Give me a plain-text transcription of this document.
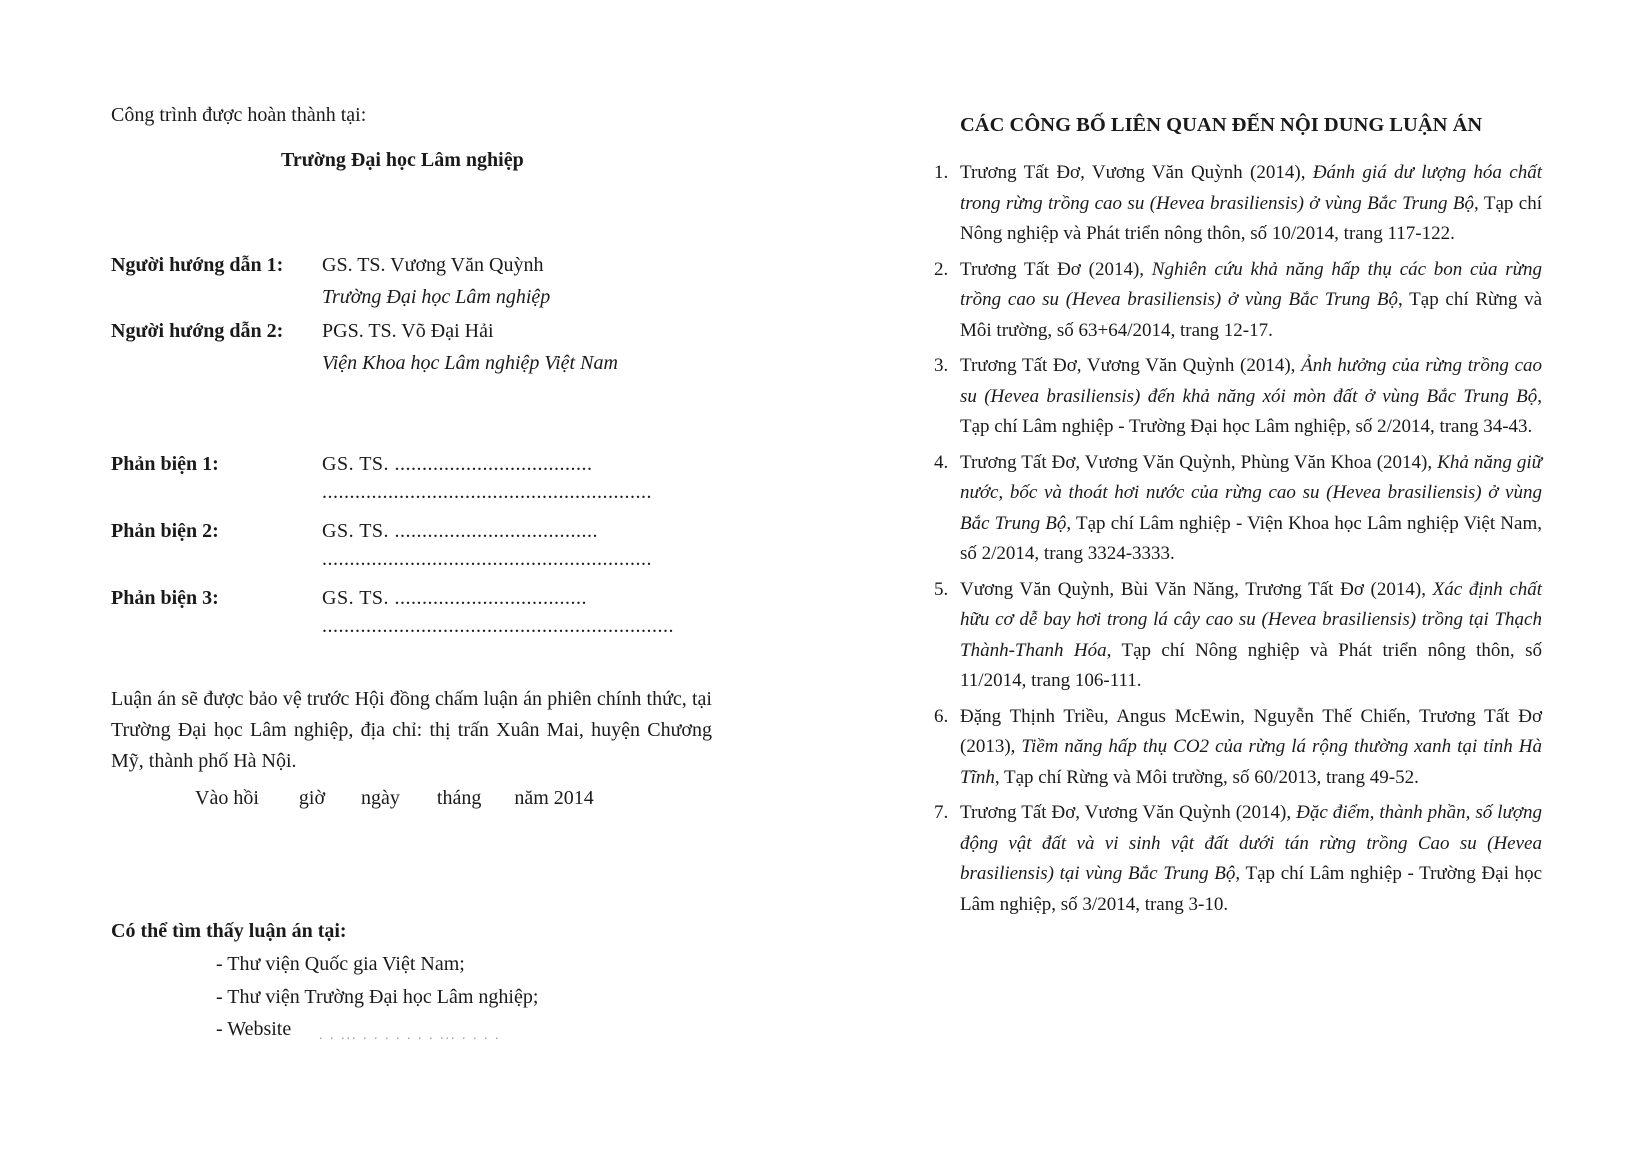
Công trình được hoàn thành tại:
Trường Đại học Lâm nghiệp
Người hướng dẫn 1: GS. TS. Vương Văn Quỳnh
Trường Đại học Lâm nghiệp
Người hướng dẫn 2: PGS. TS. Võ Đại Hải
Viện Khoa học Lâm nghiệp Việt Nam
Phản biện 1:	GS. TS. ....................................
............................................................
Phản biện 2:	GS. TS. .....................................
............................................................
Phản biện 3:	GS. TS. ...................................
................................................................
Luận án sẽ được bảo vệ trước Hội đồng chấm luận án phiên chính thức, tại Trường Đại học Lâm nghiệp, địa chỉ: thị trấn Xuân Mai, huyện Chương Mỹ, thành phố Hà Nội.
Vào hồi giờ ngày tháng năm 2014
Có thể tìm thấy luận án tại:
- Thư viện Quốc gia Việt Nam;
- Thư viện Trường Đại học Lâm nghiệp;
- Website . . ... . . . . . . . ... . . . .
CÁC CÔNG BỐ LIÊN QUAN ĐẾN NỘI DUNG LUẬN ÁN
1. Trương Tất Đơ, Vương Văn Quỳnh (2014), Đánh giá dư lượng hóa chất trong rừng trồng cao su (Hevea brasiliensis) ở vùng Bắc Trung Bộ, Tạp chí Nông nghiệp và Phát triển nông thôn, số 10/2014, trang 117-122.
2. Trương Tất Đơ (2014), Nghiên cứu khả năng hấp thụ các bon của rừng trồng cao su (Hevea brasiliensis) ở vùng Bắc Trung Bộ, Tạp chí Rừng và Môi trường, số 63+64/2014, trang 12-17.
3. Trương Tất Đơ, Vương Văn Quỳnh (2014), Ảnh hưởng của rừng trồng cao su (Hevea brasiliensis) đến khả năng xói mòn đất ở vùng Bắc Trung Bộ, Tạp chí Lâm nghiệp - Trường Đại học Lâm nghiệp, số 2/2014, trang 34-43.
4. Trương Tất Đơ, Vương Văn Quỳnh, Phùng Văn Khoa (2014), Khả năng giữ nước, bốc và thoát hơi nước của rừng cao su (Hevea brasiliensis) ở vùng Bắc Trung Bộ, Tạp chí Lâm nghiệp - Viện Khoa học Lâm nghiệp Việt Nam, số 2/2014, trang 3324-3333.
5. Vương Văn Quỳnh, Bùi Văn Năng, Trương Tất Đơ (2014), Xác định chất hữu cơ dễ bay hơi trong lá cây cao su (Hevea brasiliensis) trồng tại Thạch Thành-Thanh Hóa, Tạp chí Nông nghiệp và Phát triển nông thôn, số 11/2014, trang 106-111.
6. Đặng Thịnh Triều, Angus McEwin, Nguyễn Thế Chiến, Trương Tất Đơ (2013), Tiềm năng hấp thụ CO2 của rừng lá rộng thường xanh tại tỉnh Hà Tĩnh, Tạp chí Rừng và Môi trường, số 60/2013, trang 49-52.
7. Trương Tất Đơ, Vương Văn Quỳnh (2014), Đặc điểm, thành phần, số lượng động vật đất và vi sinh vật đất dưới tán rừng trồng Cao su (Hevea brasiliensis) tại vùng Bắc Trung Bộ, Tạp chí Lâm nghiệp - Trường Đại học Lâm nghiệp, số 3/2014, trang 3-10.
